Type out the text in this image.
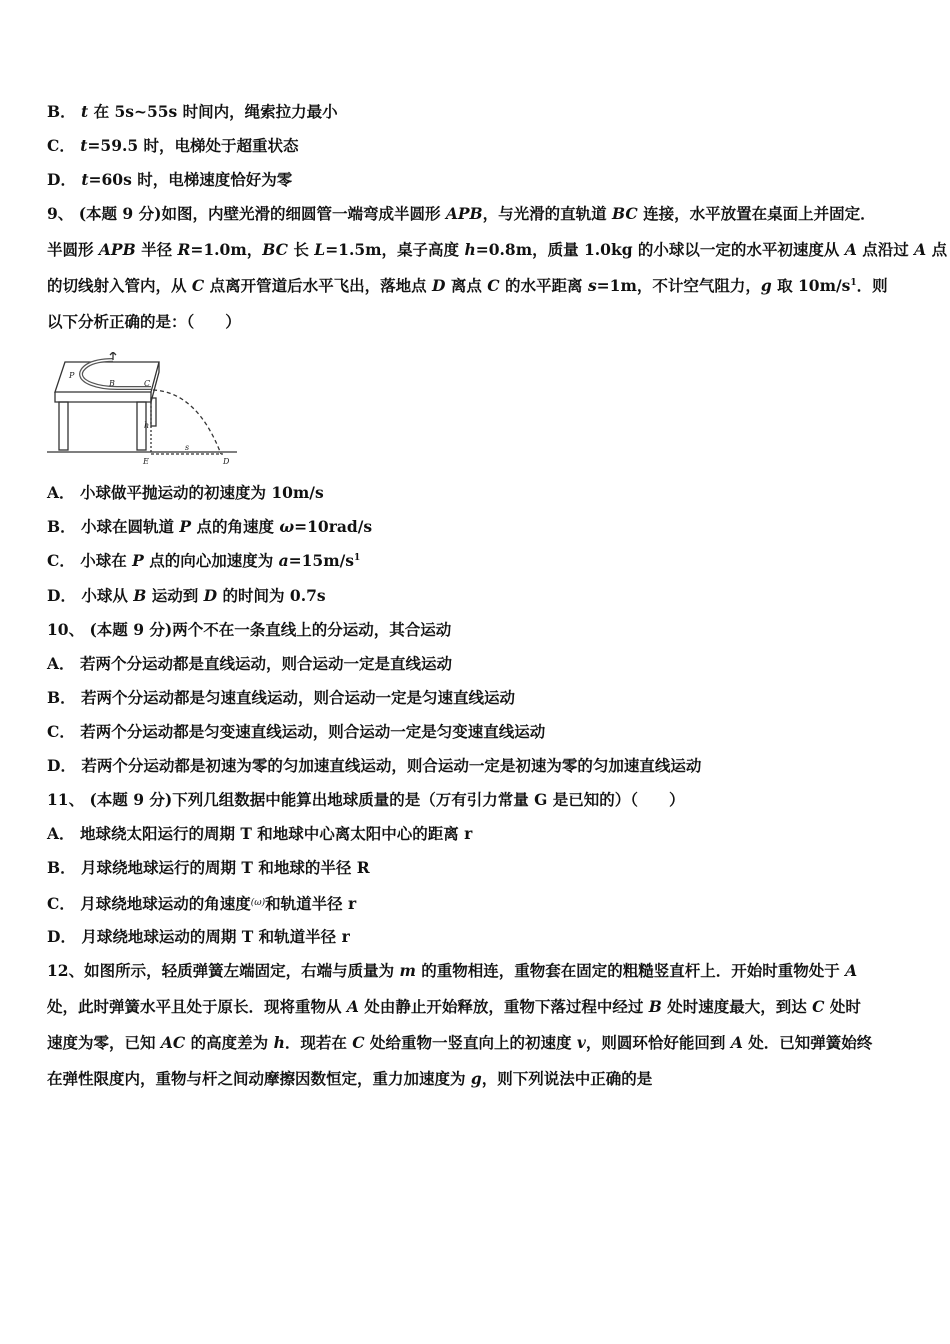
B． t 在 5s~55s 时间内，绳索拉力最小
C． t=59.5 时，电梯处于超重状态
D． t=60s 时，电梯速度恰好为零
9、 (本题 9 分)如图，内壁光滑的细圆管一端弯成半圆形 APB，与光滑的直轨道 BC 连接，水平放置在桌面上并固定．
半圆形 APB 半径 R=1.0m，BC 长 L=1.5m，桌子高度 h=0.8m，质量 1.0kg 的小球以一定的水平初速度从 A 点沿过 A 点
的切线射入管内，从 C 点离开管道后水平飞出，落地点 D 离点 C 的水平距离 s=1m，不计空气阻力，g 取 $10m/s^1$．则
以下分析正确的是：（　　）
P
B	C
h
E
s
D
A． 小球做平抛运动的初速度为 10m/s
B． 小球在圆轨道 P 点的角速度 ω=10rad/s
C． 小球在 P 点的向心加速度为 $a=15m/s^1$
D． 小球从 B 运动到 D 的时间为 0.7s
10、 (本题 9 分)两个不在一条直线上的分运动，其合运动
A． 若两个分运动都是直线运动，则合运动一定是直线运动
B． 若两个分运动都是匀速直线运动，则合运动一定是匀速直线运动
C． 若两个分运动都是匀变速直线运动，则合运动一定是匀变速直线运动
D． 若两个分运动都是初速为零的匀加速直线运动，则合运动一定是初速为零的匀加速直线运动
11、 (本题 9 分)下列几组数据中能算出地球质量的是（万有引力常量 G 是已知的）（　　）
A． 地球绕太阳运行的周期 T 和地球中心离太阳中心的距离 r
B． 月球绕地球运行的周期 T 和地球的半径 R
C． 月球绕地球运动的角速度$^{(\omega)}$和轨道半径 r
D． 月球绕地球运动的周期 T 和轨道半径 r
12、如图所示，轻质弹簧左端固定，右端与质量为 m 的重物相连，重物套在固定的粗糙竖直杆上．开始时重物处于 A
处，此时弹簧水平且处于原长．现将重物从 A 处由静止开始释放，重物下落过程中经过 B 处时速度最大，到达 C 处时
速度为零，已知 AC 的高度差为 h．现若在 C 处给重物一竖直向上的初速度 v，则圆环恰好能回到 A 处．已知弹簧始终
在弹性限度内，重物与杆之间动摩擦因数恒定，重力加速度为 g，则下列说法中正确的是
